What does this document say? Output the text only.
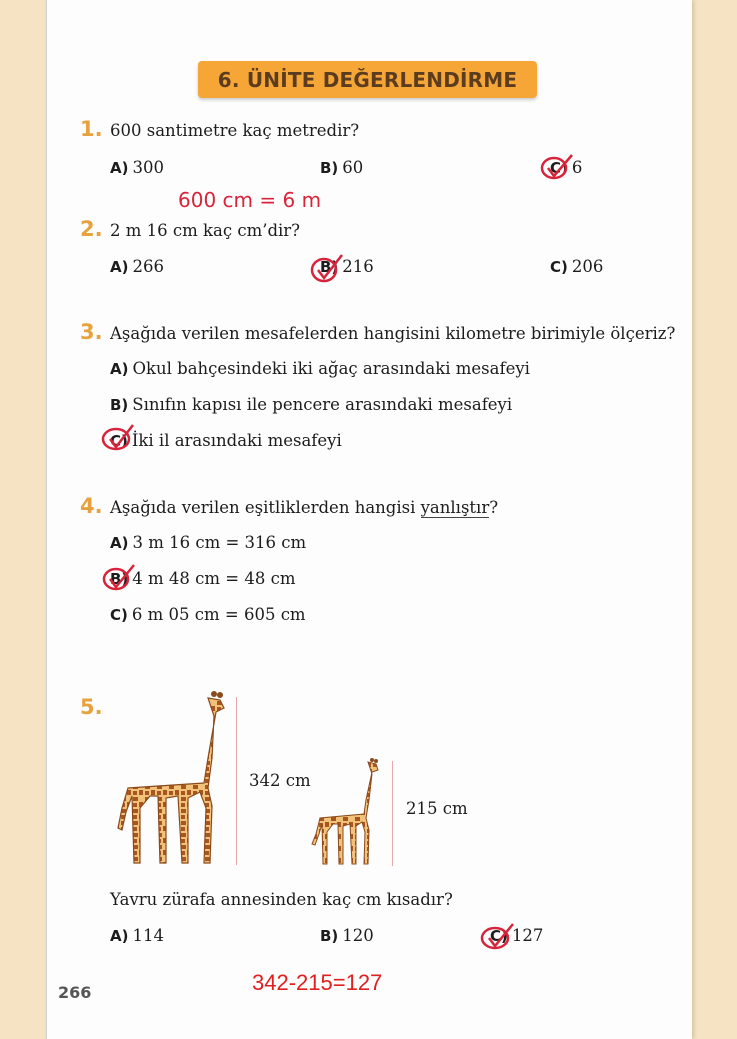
6. ÜNİTE DEĞERLENDİRME
1. 600 santimetre kaç metredir?
A) 300	B) 60	C) 6
600 cm = 6 m
2. 2 m 16 cm kaç cm’dir?
A) 266	B) 216	C) 206
3. Aşağıda verilen mesafelerden hangisini kilometre birimiyle ölçeriz?
A) Okul bahçesindeki iki ağaç arasındaki mesafeyi
B) Sınıfın kapısı ile pencere arasındaki mesafeyi
C) İki il arasındaki mesafeyi
4. Aşağıda verilen eşitliklerden hangisi yanlıştır?
A) 3 m 16 cm = 316 cm
B) 4 m 48 cm = 48 cm
C) 6 m 05 cm = 605 cm
5.
342 cm
215 cm
Yavru zürafa annesinden kaç cm kısadır?
A) 114	B) 120	C) 127
342-215=127
266
